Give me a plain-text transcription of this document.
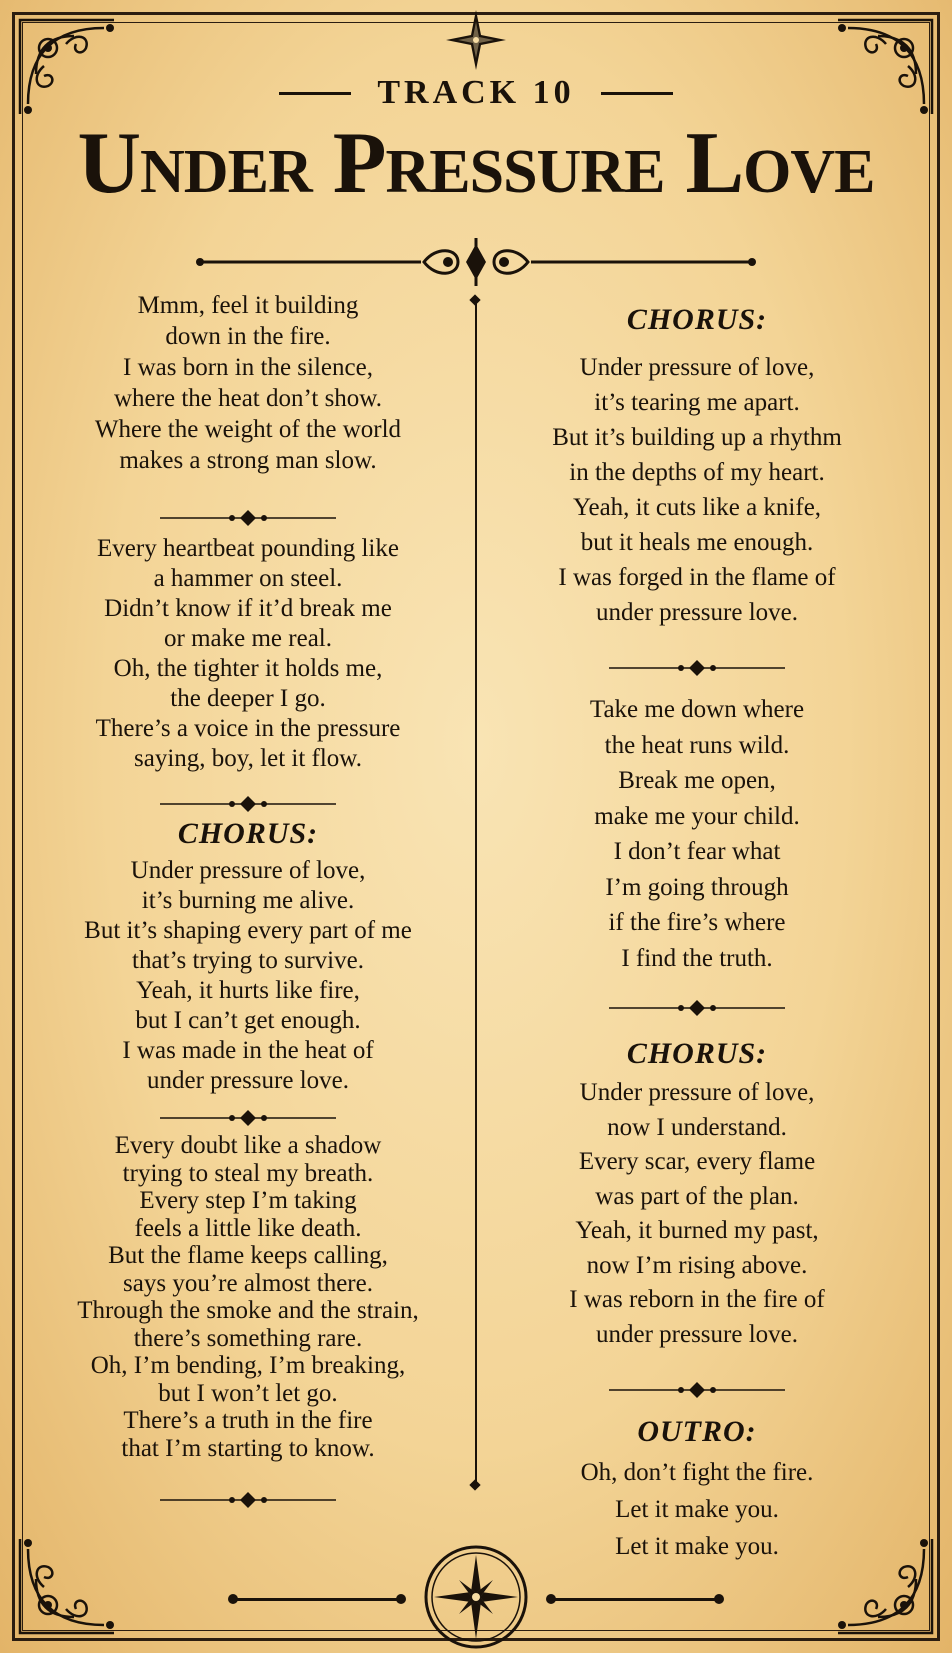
TRACK 10
Under Pressure Love
Mmm, feel it building
down in the fire.
I was born in the silence,
where the heat don’t show.
Where the weight of the world
makes a strong man slow.
Every heartbeat pounding like
a hammer on steel.
Didn’t know if it’d break me
or make me real.
Oh, the tighter it holds me,
the deeper I go.
There’s a voice in the pressure
saying, boy, let it flow.
CHORUS:
Under pressure of love,
it’s burning me alive.
But it’s shaping every part of me
that’s trying to survive.
Yeah, it hurts like fire,
but I can’t get enough.
I was made in the heat of
under pressure love.
Every doubt like a shadow
trying to steal my breath.
Every step I’m taking
feels a little like death.
But the flame keeps calling,
says you’re almost there.
Through the smoke and the strain,
there’s something rare.
Oh, I’m bending, I’m breaking,
but I won’t let go.
There’s a truth in the fire
that I’m starting to know.
CHORUS:
Under pressure of love,
it’s tearing me apart.
But it’s building up a rhythm
in the depths of my heart.
Yeah, it cuts like a knife,
but it heals me enough.
I was forged in the flame of
under pressure love.
Take me down where
the heat runs wild.
Break me open,
make me your child.
I don’t fear what
I’m going through
if the fire’s where
I find the truth.
CHORUS:
Under pressure of love,
now I understand.
Every scar, every flame
was part of the plan.
Yeah, it burned my past,
now I’m rising above.
I was reborn in the fire of
under pressure love.
OUTRO:
Oh, don’t fight the fire.
Let it make you.
Let it make you.
